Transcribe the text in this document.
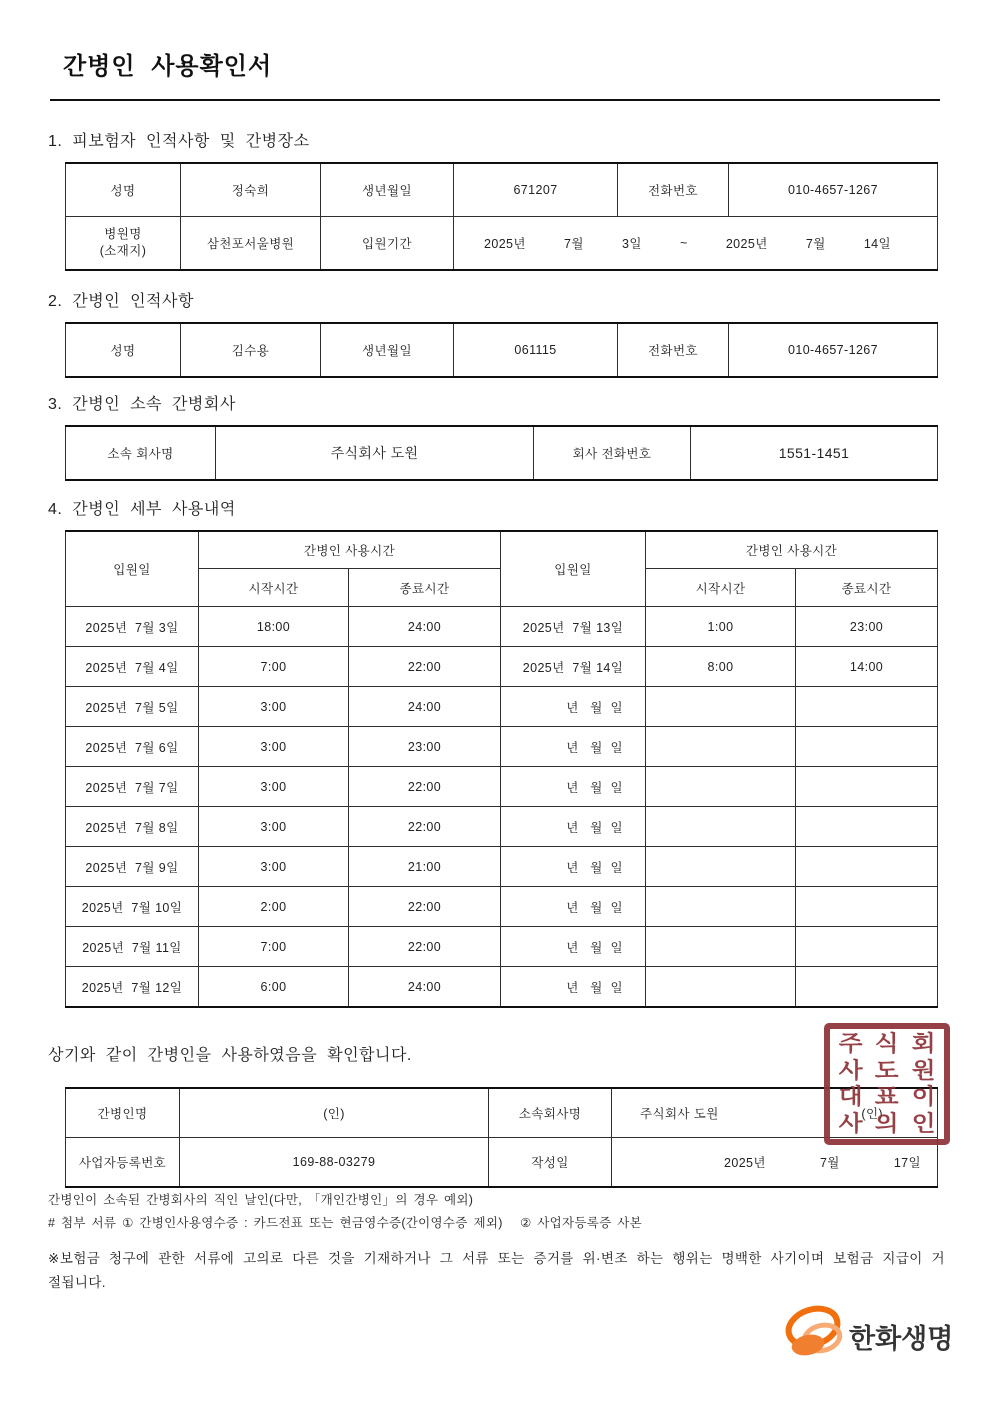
간병인 사용확인서
1. 피보험자 인적사항 및 간병장소
성명	정숙희	생년월일	671207	전화번호	010-4657-1267

병원명
(소재지)	삼천포서울병원	입원기간	2025년	7월	3일	~	2025년	7월	14일
2. 간병인 인적사항
성명	김수용	생년월일	061115	전화번호	010-4657-1267
3. 간병인 소속 간병회사
소속 회사명	주식회사 도원	회사 전화번호	1551-1451
4. 간병인 세부 사용내역
입원일	간병인 사용시간		입원일	간병인 사용시간	
	시작시간	종료시간		시작시간	종료시간
2025년  7월 3일	18:00	24:00	2025년  7월 13일	1:00	23:00
2025년  7월 4일	7:00	22:00	2025년  7월 14일	8:00	14:00
2025년  7월 5일	3:00	24:00	년   월  일		
2025년  7월 6일	3:00	23:00	년   월  일		
2025년  7월 7일	3:00	22:00	년   월  일		
2025년  7월 8일	3:00	22:00	년   월  일		
2025년  7월 9일	3:00	21:00	년   월  일		
2025년  7월 10일	2:00	22:00	년   월  일		
2025년  7월 11일	7:00	22:00	년   월  일		
2025년  7월 12일	6:00	24:00	년   월  일		
상기와 같이 간병인을 사용하였음을 확인합니다.
간병인명	(인)	소속회사명	주식회사 도원 (인)

사업자등록번호	169-88-03279	작성일	2025년 7월 17일
주 식 회
사 도 원
대 표 이
사 의 인
간병인이 소속된 간병회사의 직인 날인(다만, 「개인간병인」의 경우 예외)
# 첨부 서류 ① 간병인사용영수증 : 카드전표 또는 현금영수증(간이영수증 제외)   ② 사업자등록증 사본
※보험금 청구에 관한 서류에 고의로 다른 것을 기재하거나 그 서류 또는 증거를 위·변조 하는 행위는 명백한 사기이며 보험금 지급이 거절됩니다.
한화생명
